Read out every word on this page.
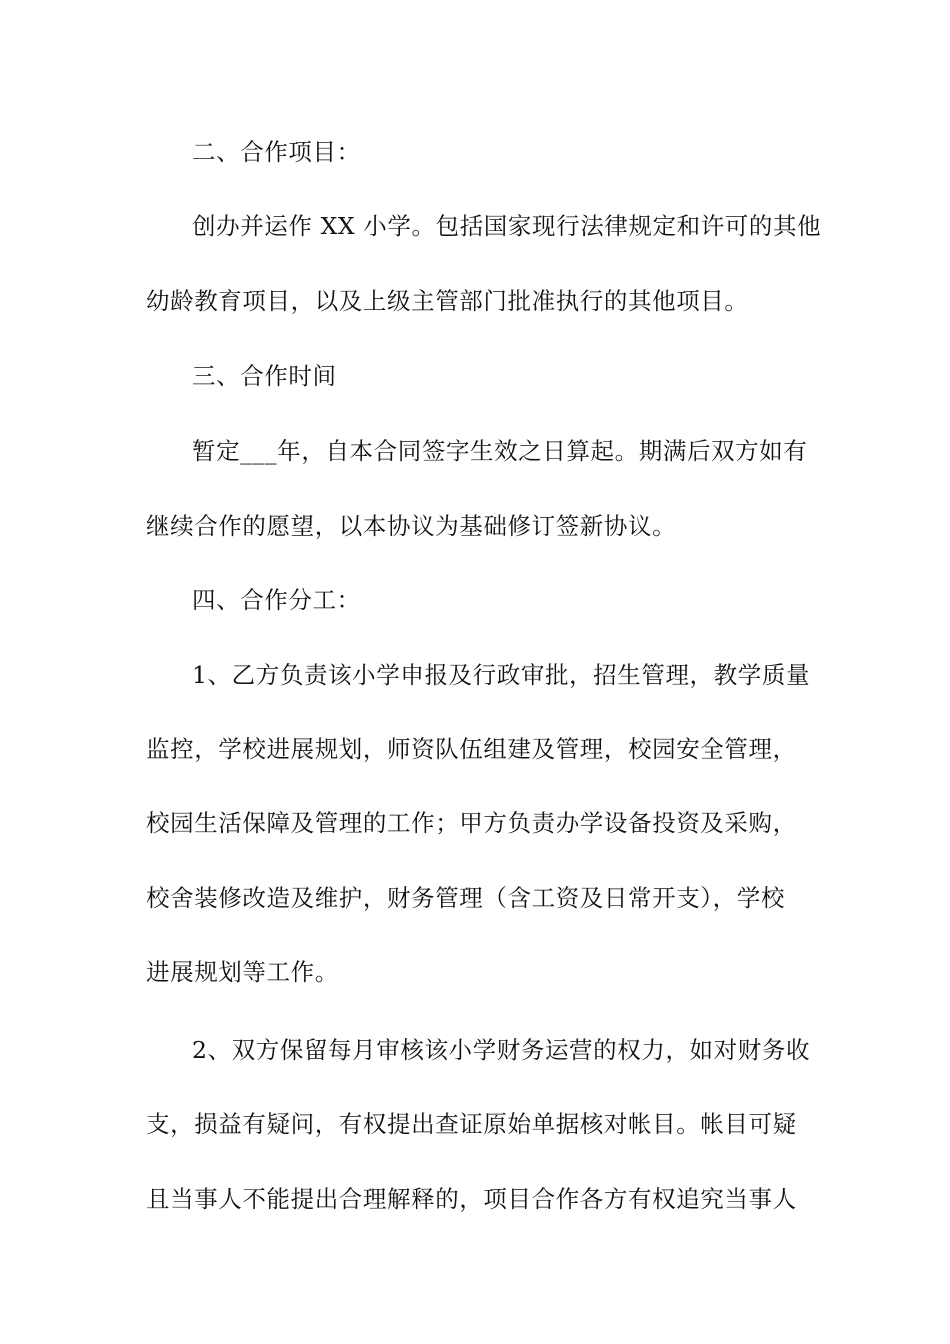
二、合作项目：
创办并运作 XX 小学。包括国家现行法律规定和许可的其他
幼龄教育项目，以及上级主管部门批准执行的其他项目。
三、合作时间
暂定___年，自本合同签字生效之日算起。期满后双方如有
继续合作的愿望，以本协议为基础修订签新协议。
四、合作分工：
1、乙方负责该小学申报及行政审批，招生管理，教学质量
监控，学校进展规划，师资队伍组建及管理，校园安全管理，
校园生活保障及管理的工作；甲方负责办学设备投资及采购，
校舍装修改造及维护，财务管理（含工资及日常开支），学校
进展规划等工作。
2、双方保留每月审核该小学财务运营的权力，如对财务收
支，损益有疑问，有权提出查证原始单据核对帐目。帐目可疑
且当事人不能提出合理解释的，项目合作各方有权追究当事人
